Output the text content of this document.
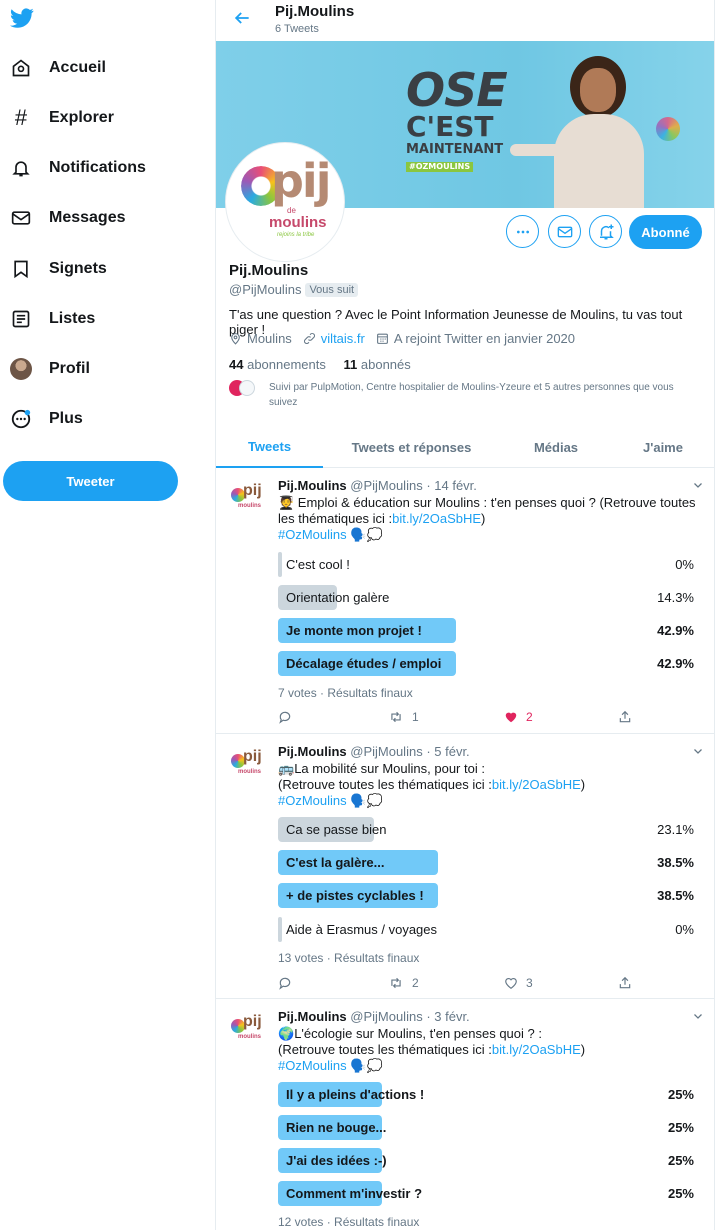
Accueil
#	Explorer
Notifications
Messages
Signets
Listes
Profil
Plus
Tweeter
Pij.Moulins
6 Tweets
OSE
C'EST
MAINTENANT
#OZMOULINS
pij
de
moulins
rejoins la tribe	Abonné
Pij.Moulins
@PijMoulins Vous suit
T'as une question ? Avec le Point Information Jeunesse de Moulins, tu vas tout piger !
Moulins viltais.fr A rejoint Twitter en janvier 2020
44 abonnements 11 abonnés
Suivi par PulpMotion, Centre hospitalier de Moulins-Yzeure et 5 autres personnes que vous suivez
Tweets	Tweets et réponses	Médias	J'aime
pij
moulins
Pij.Moulins @PijMoulins · 14 févr.
🧑‍🎓 Emploi & éducation sur Moulins : t'en penses quoi ? (Retrouve toutes les thématiques ici :bit.ly/2OaSbHE)
#OzMoulins 🗣️💭
C'est cool !	0%
Orientation galère	14.3%
Je monte mon projet !	42.9%
Décalage études / emploi	42.9%
7 votes · Résultats finaux
1	2
pij
moulins
Pij.Moulins @PijMoulins · 5 févr.
🚌La mobilité sur Moulins, pour toi :
(Retrouve toutes les thématiques ici :bit.ly/2OaSbHE)
#OzMoulins 🗣️💭
Ca se passe bien	23.1%
C'est la galère...	38.5%
+ de pistes cyclables !	38.5%
Aide à Erasmus / voyages	0%
13 votes · Résultats finaux
2	3
pij
moulins
Pij.Moulins @PijMoulins · 3 févr.
🌍L'écologie sur Moulins, t'en penses quoi ? :
(Retrouve toutes les thématiques ici :bit.ly/2OaSbHE)
#OzMoulins 🗣️💭
Il y a pleins d'actions !	25%
Rien ne bouge...	25%
J'ai des idées :-)	25%
Comment m'investir ?	25%
12 votes · Résultats finaux
